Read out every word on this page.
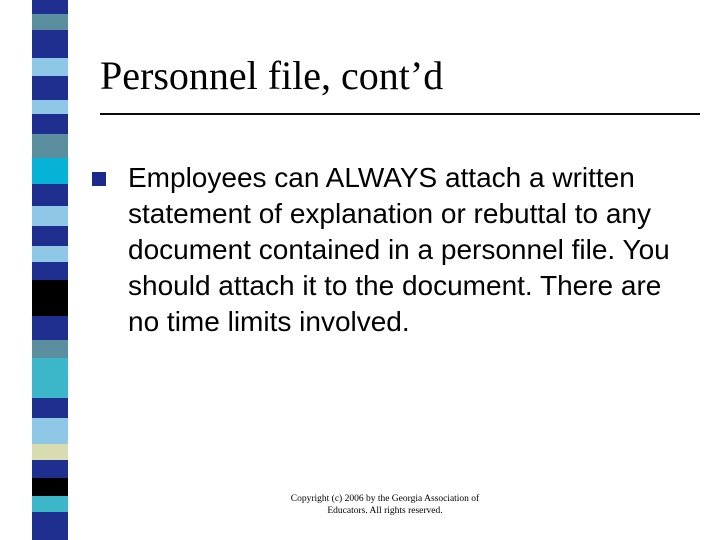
Personnel file, cont’d
Employees can ALWAYS attach a written statement of explanation or rebuttal to any document contained in a personnel file. You should attach it to the document. There are no time limits involved.
Copyright (c) 2006 by the Georgia Association of
Educators. All rights reserved.
